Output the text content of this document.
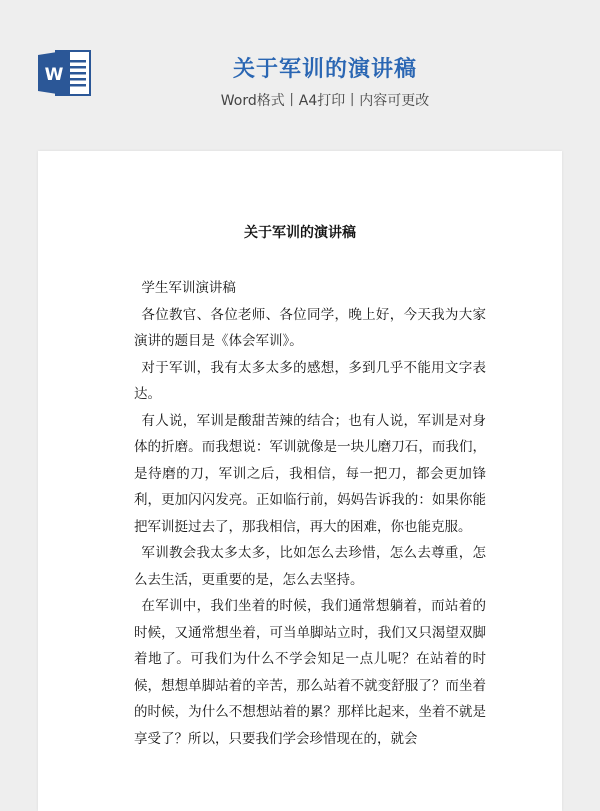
W	关于军训的演讲稿
Word格式丨A4打印丨内容可更改
关于军训的演讲稿

学生军训演讲稿

各位教官、各位老师、各位同学，晚上好，今天我为大家演讲的题目是《体会军训》。

对于军训，我有太多太多的感想，多到几乎不能用文字表达。

有人说，军训是酸甜苦辣的结合；也有人说，军训是对身体的折磨。而我想说：军训就像是一块儿磨刀石，而我们，是待磨的刀，军训之后，我相信，每一把刀，都会更加锋利，更加闪闪发亮。正如临行前，妈妈告诉我的：如果你能把军训挺过去了，那我相信，再大的困难，你也能克服。

军训教会我太多太多，比如怎么去珍惜，怎么去尊重，怎么去生活，更重要的是，怎么去坚持。

在军训中，我们坐着的时候，我们通常想躺着，而站着的时候，又通常想坐着，可当单脚站立时，我们又只渴望双脚着地了。可我们为什么不学会知足一点儿呢？在站着的时候，想想单脚站着的辛苦，那么站着不就变舒服了？而坐着的时候，为什么不想想站着的累？那样比起来，坐着不就是享受了？所以，只要我们学会珍惜现在的，就会
